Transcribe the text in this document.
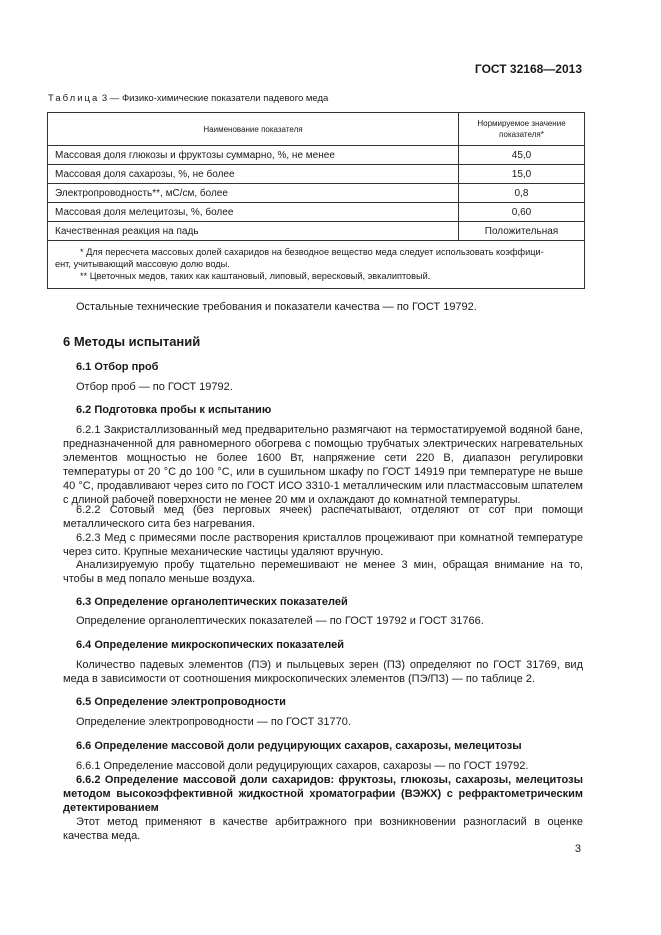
ГОСТ 32168—2013
Таблица 3 — Физико-химические показатели падевого меда
Наименование показателя	Нормируемое значение показателя*
Массовая доля глюкозы и фруктозы суммарно, %, не менее	45,0
Массовая доля сахарозы, %, не более	15,0
Электропроводность**, мС/см, более	0,8
Массовая доля мелецитозы, %, более	0,60
Качественная реакция на падь	Положительная

* Для пересчета массовых долей сахаридов на безводное вещество меда следует использовать коэффици-
ент, учитывающий массовую долю воды.
** Цветочных медов, таких как каштановый, липовый, вересковый, эвкалиптовый.	
Остальные технические требования и показатели качества — по ГОСТ 19792.
6 Методы испытаний
6.1 Отбор проб
Отбор проб — по ГОСТ 19792.
6.2 Подготовка пробы к испытанию
6.2.1 Закристаллизованный мед предварительно размягчают на термостатируемой водяной бане, предназначенной для равномерного обогрева с помощью трубчатых электрических нагревательных элементов мощностью не более 1600 Вт, напряжение сети 220 В, диапазон регулировки температуры от 20 °С до 100 °С, или в сушильном шкафу по ГОСТ 14919 при температуре не выше 40 °С, продавливают через сито по ГОСТ ИСО 3310-1 металлическим или пластмассовым шпателем с длиной рабочей поверхности не менее 20 мм и охлаждают до комнатной температуры.
6.2.2 Сотовый мед (без перговых ячеек) распечатывают, отделяют от сот при помощи металлического сита без нагревания.
6.2.3 Мед с примесями после растворения кристаллов процеживают при комнатной температуре через сито. Крупные механические частицы удаляют вручную.
Анализируемую пробу тщательно перемешивают не менее 3 мин, обращая внимание на то, чтобы в мед попало меньше воздуха.
6.3 Определение органолептических показателей
Определение органолептических показателей — по ГОСТ 19792 и ГОСТ 31766.
6.4 Определение микроскопических показателей
Количество падевых элементов (ПЭ) и пыльцевых зерен (ПЗ) определяют по ГОСТ 31769, вид меда в зависимости от соотношения микроскопических элементов (ПЭ/ПЗ) — по таблице 2.
6.5 Определение электропроводности
Определение электропроводности — по ГОСТ 31770.
6.6 Определение массовой доли редуцирующих сахаров, сахарозы, мелецитозы
6.6.1 Определение массовой доли редуцирующих сахаров, сахарозы — по ГОСТ 19792.
6.6.2 Определение массовой доли сахаридов: фруктозы, глюкозы, сахарозы, мелецитозы методом высокоэффективной жидкостной хроматографии (ВЭЖХ) с рефрактометрическим детектированием
Этот метод применяют в качестве арбитражного при возникновении разногласий в оценке качества меда.
3
